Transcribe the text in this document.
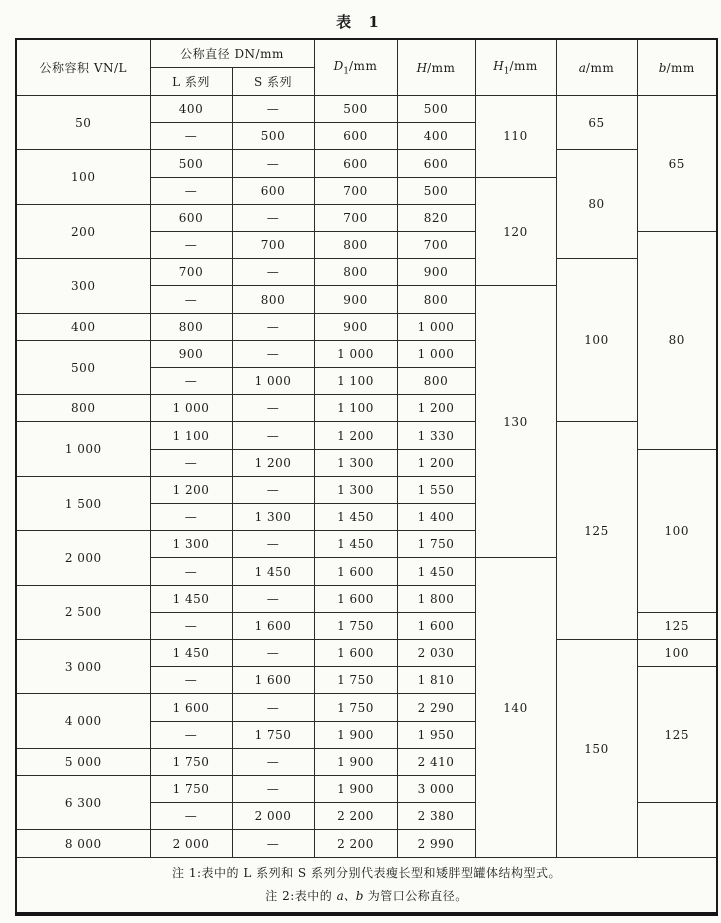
表 1
公称容积 VN/L	公称直径 DN/mm		$D_1/mm$	H/mm	$H_1/mm$	a/mm	b/mm
	L 系列	S 系列					
50	400	—	500	500	110	65	65
	—	500	600	400			
100	500	—	600	600		80	
	—	600	700	500	120		
200	600	—	700	820			
	—	700	800	700			80
300	700	—	800	900		100	
	—	800	900	800	130		
400	800	—	900	1 000			
500	900	—	1 000	1 000			
	—	1 000	1 100	800			
800	1 000	—	1 100	1 200			
1 000	1 100	—	1 200	1 330		125	
	—	1 200	1 300	1 200			100
1 500	1 200	—	1 300	1 550			
	—	1 300	1 450	1 400			
2 000	1 300	—	1 450	1 750			
	—	1 450	1 600	1 450	140		
2 500	1 450	—	1 600	1 800			
	—	1 600	1 750	1 600			125
3 000	1 450	—	1 600	2 030		150	100
	—	1 600	1 750	1 810			125
4 000	1 600	—	1 750	2 290			
	—	1 750	1 900	1 950			
5 000	1 750	—	1 900	2 410			
6 300	1 750	—	1 900	3 000			
	—	2 000	2 200	2 380			
8 000	2 000	—	2 200	2 990			

注 1:表中的 L 系列和 S 系列分别代表瘦长型和矮胖型罐体结构型式。
注 2:表中的 a、b 为管口公称直径。							
